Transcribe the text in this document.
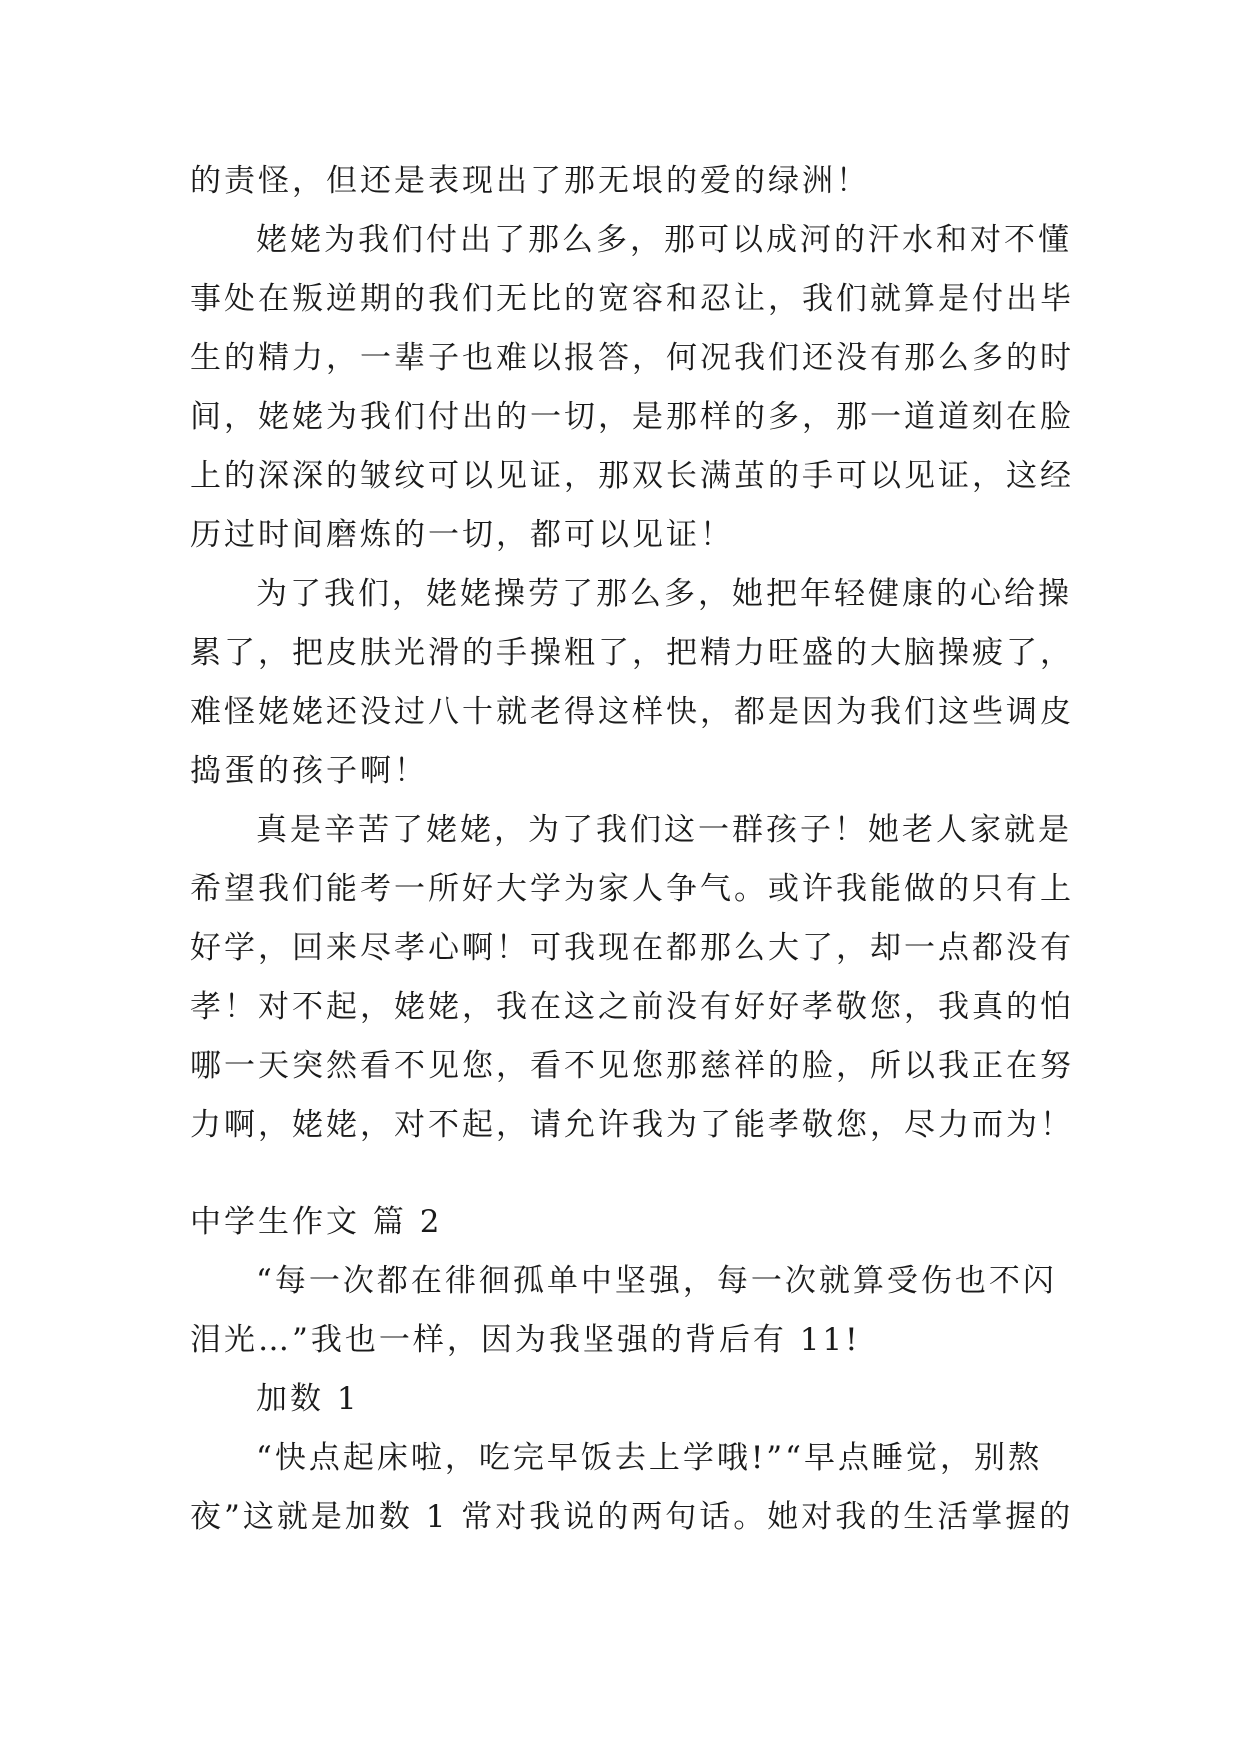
的责怪，但还是表现出了那无垠的爱的绿洲！
姥姥为我们付出了那么多，那可以成河的汗水和对不懂
事处在叛逆期的我们无比的宽容和忍让，我们就算是付出毕
生的精力，一辈子也难以报答，何况我们还没有那么多的时
间，姥姥为我们付出的一切，是那样的多，那一道道刻在脸
上的深深的皱纹可以见证，那双长满茧的手可以见证，这经
历过时间磨炼的一切，都可以见证！
为了我们，姥姥操劳了那么多，她把年轻健康的心给操
累了，把皮肤光滑的手操粗了，把精力旺盛的大脑操疲了，
难怪姥姥还没过八十就老得这样快，都是因为我们这些调皮
捣蛋的孩子啊！
真是辛苦了姥姥，为了我们这一群孩子！她老人家就是
希望我们能考一所好大学为家人争气。或许我能做的只有上
好学，回来尽孝心啊！可我现在都那么大了，却一点都没有
孝！对不起，姥姥，我在这之前没有好好孝敬您，我真的怕
哪一天突然看不见您，看不见您那慈祥的脸，所以我正在努
力啊，姥姥，对不起，请允许我为了能孝敬您，尽力而为！
中学生作文 篇 2
“每一次都在徘徊孤单中坚强，每一次就算受伤也不闪
泪光…”我也一样，因为我坚强的背后有 11!
加数 1
“快点起床啦，吃完早饭去上学哦!”“早点睡觉，别熬
夜”这就是加数 1 常对我说的两句话。她对我的生活掌握的
